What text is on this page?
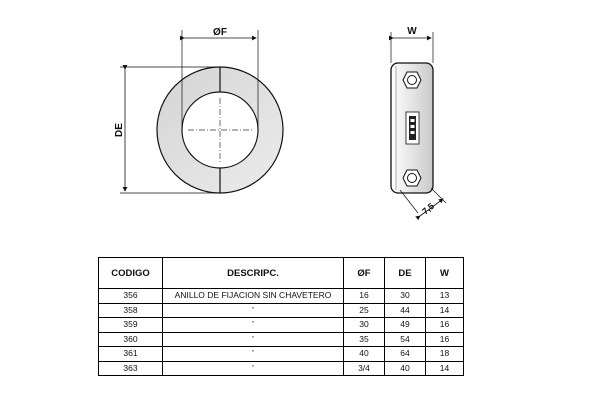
ØF
DE
W
7,5
CODIGO	DESCRIPC.	ØF	DE	W
356	ANILLO DE FIJACION SIN CHAVETERO	16	30	13
358	"	25	44	14
359	"	30	49	16
360	"	35	54	16
361	"	40	64	18
363	"	3/4	40	14
